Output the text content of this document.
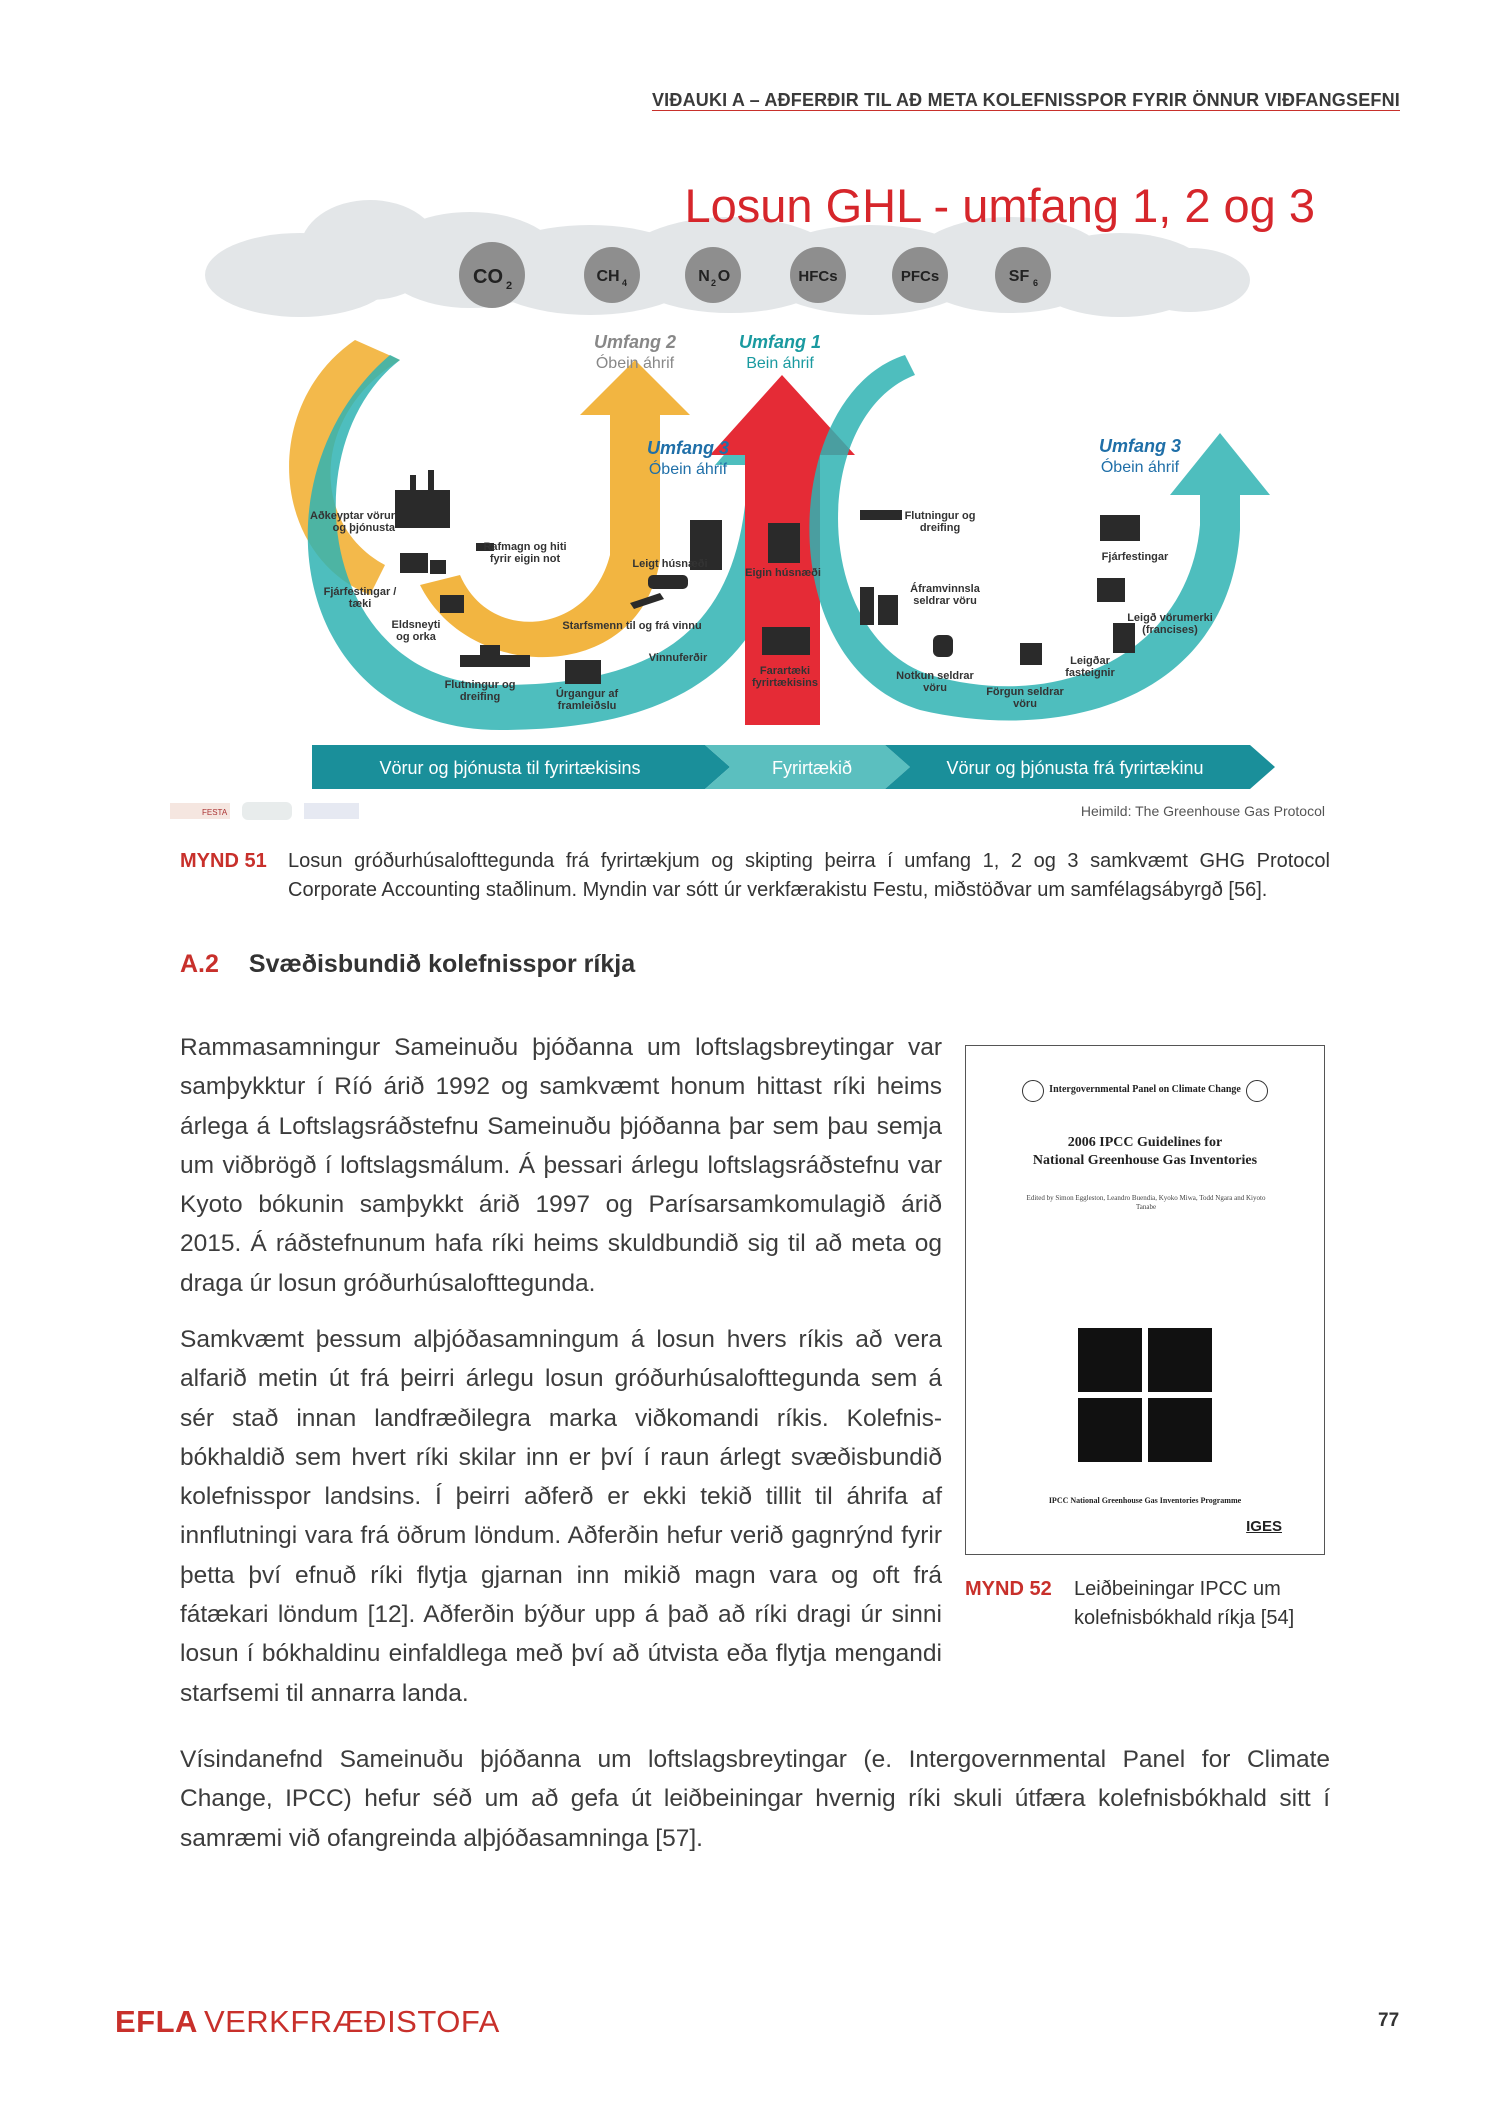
VIÐAUKI A – AÐFERÐIR TIL AÐ META KOLEFNISSPOR FYRIR ÖNNUR VIÐFANGSEFNI
Losun GHL - umfang 1, 2 og 3
CO 2
CH 4	N 2 O	HFCs	PFCs	SF 6
Umfang 2
Óbein áhrif
Umfang 1
Bein áhrif
Umfang 3
Óbein áhrif
Umfang 3
Óbein áhrif
Aðkeyptar vörur
og þjónusta
Fjárfestingar /
tæki
Eldsneyti
og orka
Flutningur og
dreifing	Úrgangur af
framleiðslu
Rafmagn og hiti
fyrir eigin not	Leigt húsnæði
Starfsmenn til og frá vinnu
Vinnuferðir
Eigin húsnæði
Farartæki
fyrirtækisins
Flutningur og
dreifing
Áframvinnsla
seldrar vöru
Notkun seldrar
vöru	Förgun seldrar
vöru
Fjárfestingar
Leigð vörumerki
(francises)
Leigðar
fasteignir
Vörur og þjónusta til fyrirtækisins	Fyrirtækið	Vörur og þjónusta frá fyrirtækinu
FESTA	Heimild: The Greenhouse Gas Protocol
MYND 51 Losun gróðurhúsalofttegunda frá fyrirtækjum og skipting þeirra í umfang 1, 2 og 3 samkvæmt GHG Protocol Corporate Accounting staðlinum. Myndin var sótt úr verkfærakistu Festu, miðstöðvar um samfélagsábyrgð [56].
A.2 Svæðisbundið kolefnisspor ríkja
Rammasamningur Sameinuðu þjóðanna um loftslagsbreytingar var samþykktur í Ríó árið 1992 og samkvæmt honum hittast ríki heims árlega á Loftslagsráðstefnu Sameinuðu þjóðanna þar sem þau semja um viðbrögð í loftslagsmálum. Á þessari árlegu loftslagsráðstefnu var Kyoto bókunin samþykkt árið 1997 og Parísarsamkomulagið árið 2015. Á ráðstefnunum hafa ríki heims skuldbundið sig til að meta og draga úr losun gróðurhúsalofttegunda.
Samkvæmt þessum alþjóðasamningum á losun hvers ríkis að vera alfarið metin út frá þeirri árlegu losun gróðurhúsalofttegunda sem á sér stað innan landfræðilegra marka viðkomandi ríkis. Kolefnisbókhaldið sem hvert ríki skilar inn er því í raun árlegt svæðisbundið kolefnisspor landsins. Í þeirri aðferð er ekki tekið tillit til áhrifa af innflutningi vara frá öðrum löndum. Aðferðin hefur verið gagnrýnd fyrir þetta því efnuð ríki flytja gjarnan inn mikið magn vara og oft frá fátækari löndum [12]. Aðferðin býður upp á það að ríki dragi úr sinni losun í bókhaldinu einfaldlega með því að útvista eða flytja mengandi starfsemi til annarra landa.
Intergovernmental Panel on Climate Change
2006 IPCC Guidelines for
National Greenhouse Gas Inventories
Edited by Simon Eggleston, Leandro Buendia, Kyoko Miwa, Todd Ngara and Kiyoto Tanabe
IPCC National Greenhouse Gas Inventories Programme
IGES
MYND 52 Leiðbeiningar IPCC um kolefnisbókhald ríkja [54]
Vísindanefnd Sameinuðu þjóðanna um loftslagsbreytingar (e. Intergovernmental Panel for Climate Change, IPCC) hefur séð um að gefa út leiðbeiningar hvernig ríki skuli útfæra kolefnisbókhald sitt í samræmi við ofangreinda alþjóðasamninga [57].
EFLA VERKFRÆÐISTOFA	77
